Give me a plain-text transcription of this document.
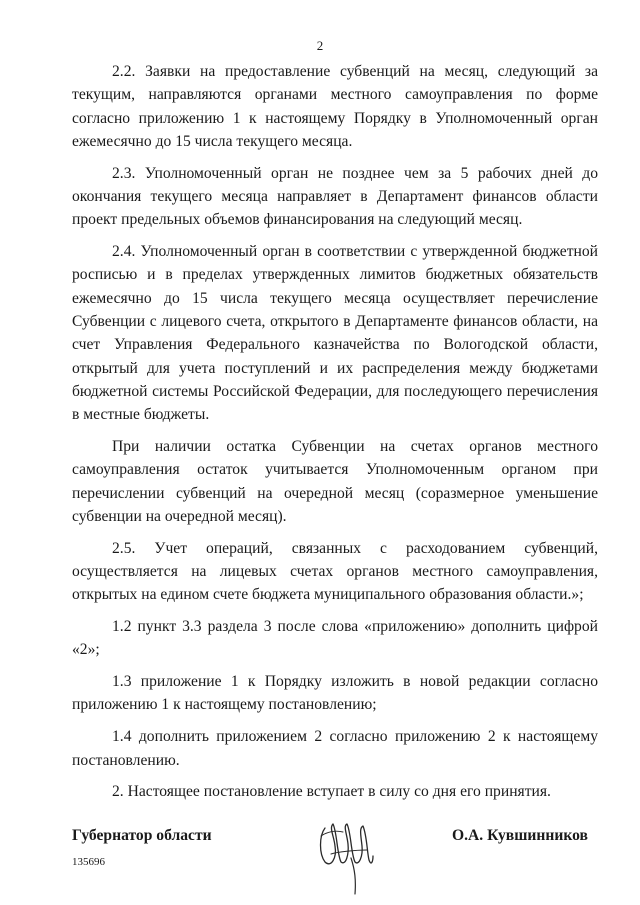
2

2.2. Заявки на предоставление субвенций на месяц, следующий за текущим, направляются органами местного самоуправления по форме согласно приложению 1 к настоящему Порядку в Уполномоченный орган ежемесячно до 15 числа текущего месяца.

2.3. Уполномоченный орган не позднее чем за 5 рабочих дней до окончания текущего месяца направляет в Департамент финансов области проект предельных объемов финансирования на следующий месяц.

2.4. Уполномоченный орган в соответствии с утвержденной бюджетной росписью и в пределах утвержденных лимитов бюджетных обязательств ежемесячно до 15 числа текущего месяца осуществляет перечисление Субвенции с лицевого счета, открытого в Департаменте финансов области, на счет Управления Федерального казначейства по Вологодской области, открытый для учета поступлений и их распределения между бюджетами бюджетной системы Российской Федерации, для последующего перечисления в местные бюджеты.

При наличии остатка Субвенции на счетах органов местного самоуправления остаток учитывается Уполномоченным органом при перечислении субвенций на очередной месяц (соразмерное уменьшение субвенции на очередной месяц).

2.5. Учет операций, связанных с расходованием субвенций, осуществляется на лицевых счетах органов местного самоуправления, открытых на едином счете бюджета муниципального образования области.»;

1.2 пункт 3.3 раздела 3 после слова «приложению» дополнить цифрой «2»;

1.3 приложение 1 к Порядку изложить в новой редакции согласно приложению 1 к настоящему постановлению;

1.4 дополнить приложением 2 согласно приложению 2 к настоящему постановлению.

2. Настоящее постановление вступает в силу со дня его принятия.

Губернатор области	О.А. Кувшинников
135696
